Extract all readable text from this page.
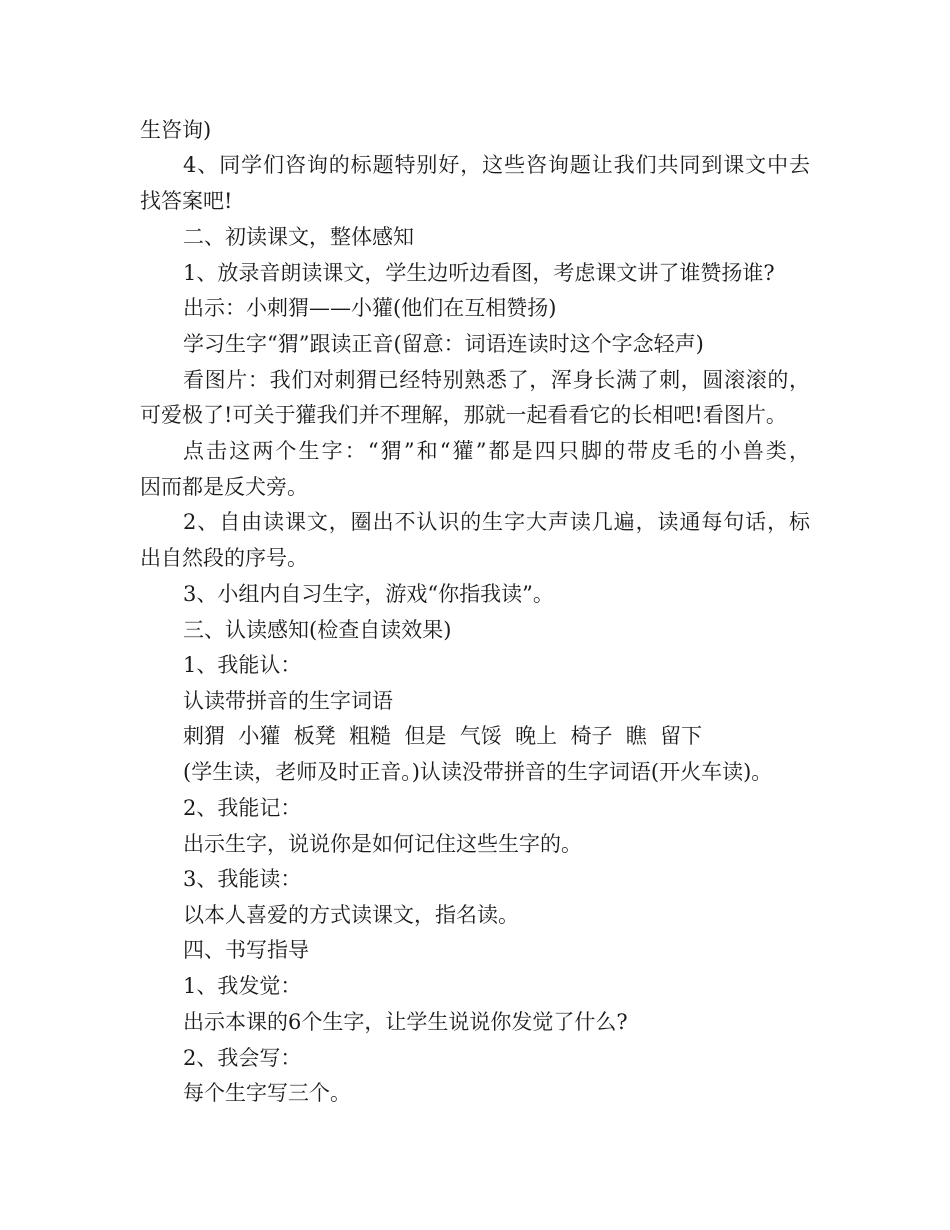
生咨询)
4、同学们咨询的标题特别好，这些咨询题让我们共同到课文中去
找答案吧!
二、初读课文，整体感知
1、放录音朗读课文，学生边听边看图，考虑课文讲了谁赞扬谁?
出示：小刺猬——小獾(他们在互相赞扬)
学习生字“猬”跟读正音(留意：词语连读时这个字念轻声)
看图片：我们对刺猬已经特别熟悉了，浑身长满了刺，圆滚滚的，
可爱极了!可关于獾我们并不理解，那就一起看看它的长相吧!看图片。
点击这两个生字：“猬”和“獾”都是四只脚的带皮毛的小兽类，
因而都是反犬旁。
2、自由读课文，圈出不认识的生字大声读几遍，读通每句话，标
出自然段的序号。
3、小组内自习生字，游戏“你指我读”。
三、认读感知(检查自读效果)
1、我能认：
认读带拼音的生字词语
刺猬  小獾  板凳  粗糙  但是  气馁  晚上  椅子  瞧  留下
(学生读，老师及时正音。)认读没带拼音的生字词语(开火车读)。
2、我能记：
出示生字，说说你是如何记住这些生字的。
3、我能读：
以本人喜爱的方式读课文，指名读。
四、书写指导
1、我发觉：
出示本课的6个生字，让学生说说你发觉了什么?
2、我会写：
每个生字写三个。
